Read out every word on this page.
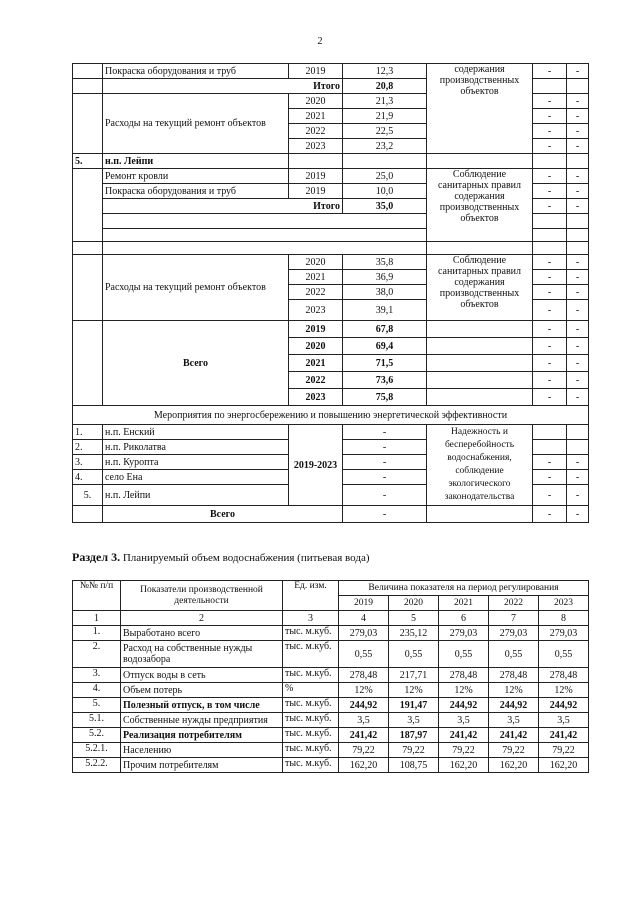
2
	Покраска оборудования и труб	2019	12,3	содержания производственных объектов	-	-
	Итого		20,8			
	Расходы на текущий ремонт объектов	2020	21,3		-	-
		2021	21,9		-	-
		2022	22,5		-	-
		2023	23,2		-	-
5.	н.п. Лейпи					
	Ремонт кровли	2019	25,0	Соблюдение санитарных правил содержания производственных объектов	-	-
	Покраска оборудования и труб	2019	10,0		-	-
	Итого		35,0		-	-

	Расходы на текущий ремонт объектов	2020	35,8	Соблюдение санитарных правил содержания производственных объектов	-	-
		2021	36,9		-	-
		2022	38,0		-	-
		2023	39,1		-	-
	Всего	2019	67,8		-	-
		2020	69,4		-	-
		2021	71,5		-	-
		2022	73,6		-	-
		2023	75,8		-	-
Мероприятия по энергосбережению и повышению энергетической эффективности						
1.	н.п. Енский	2019-2023	-	Надежность и бесперебойность водоснабжения, соблюдение экологического законодательства		
2.	н.п. Риколатва		-			
3.	н.п. Куропта		-		-	-
4.	село Ена		-		-	-
5.	н.п. Лейпи		-		-	-
	Всего		-		-	-
Раздел 3. Планируемый объем водоснабжения (питьевая вода)
№№ п/п	Показатели производственной деятельности	Ед. изм.	Величина показателя на период регулирования				
			2019	2020	2021	2022	2023
1	2	3	4	5	6	7	8
1.	Выработано всего	тыс. м.куб.	279,03	235,12	279,03	279,03	279,03
2.	Расход на собственные нужды водозабора	тыс. м.куб.	0,55	0,55	0,55	0,55	0,55
3.	Отпуск воды в сеть	тыс. м.куб.	278,48	217,71	278,48	278,48	278,48
4.	Объем потерь	%	12%	12%	12%	12%	12%
5.	Полезный отпуск, в том числе	тыс. м.куб.	244,92	191,47	244,92	244,92	244,92
5.1.	Собственные нужды предприятия	тыс. м.куб.	3,5	3,5	3,5	3,5	3,5
5.2.	Реализация потребителям	тыс. м.куб.	241,42	187,97	241,42	241,42	241,42
5.2.1.	Населению	тыс. м.куб.	79,22	79,22	79,22	79,22	79,22
5.2.2.	Прочим потребителям	тыс. м.куб.	162,20	108,75	162,20	162,20	162,20
